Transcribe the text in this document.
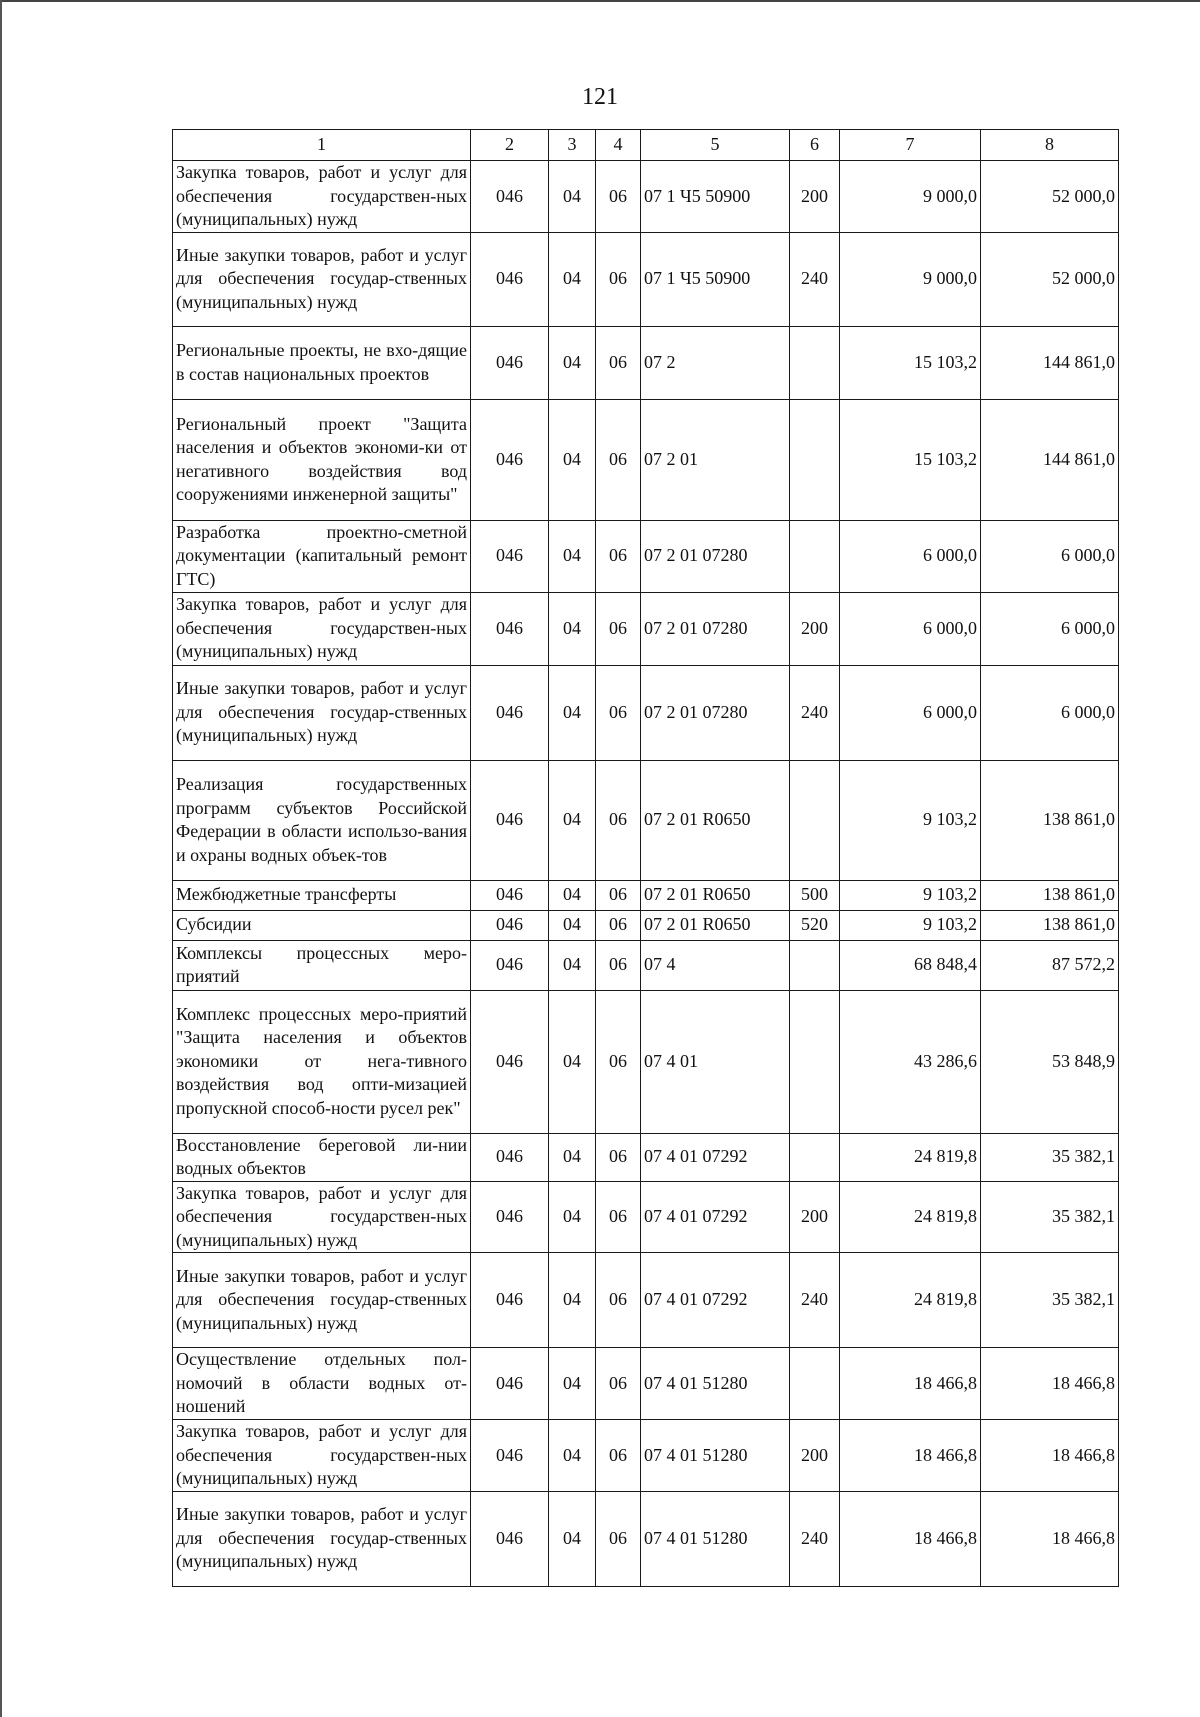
121
1	2	3	4	5	6	7	8
Закупка товаров, работ и услуг для обеспечения государствен-ных (муниципальных) нужд	046	04	06	07 1 Ч5 50900	200	9 000,0	52 000,0
Иные закупки товаров, работ и услуг для обеспечения государ-ственных (муниципальных) нужд	046	04	06	07 1 Ч5 50900	240	9 000,0	52 000,0
Региональные проекты, не вхо-дящие в состав национальных проектов	046	04	06	07 2		15 103,2	144 861,0
Региональный проект "Защита населения и объектов экономи-ки от негативного воздействия вод сооружениями инженерной защиты"	046	04	06	07 2 01		15 103,2	144 861,0
Разработка проектно-сметной документации (капитальный ремонт ГТС)	046	04	06	07 2 01 07280		6 000,0	6 000,0
Закупка товаров, работ и услуг для обеспечения государствен-ных (муниципальных) нужд	046	04	06	07 2 01 07280	200	6 000,0	6 000,0
Иные закупки товаров, работ и услуг для обеспечения государ-ственных (муниципальных) нужд	046	04	06	07 2 01 07280	240	6 000,0	6 000,0
Реализация государственных программ субъектов Российской Федерации в области использо-вания и охраны водных объек-тов	046	04	06	07 2 01 R0650		9 103,2	138 861,0
Межбюджетные трансферты	046	04	06	07 2 01 R0650	500	9 103,2	138 861,0
Субсидии	046	04	06	07 2 01 R0650	520	9 103,2	138 861,0
Комплексы процессных меро-приятий	046	04	06	07 4		68 848,4	87 572,2
Комплекс процессных меро-приятий "Защита населения и объектов экономики от нега-тивного воздействия вод опти-мизацией пропускной способ-ности русел рек"	046	04	06	07 4 01		43 286,6	53 848,9
Восстановление береговой ли-нии водных объектов	046	04	06	07 4 01 07292		24 819,8	35 382,1
Закупка товаров, работ и услуг для обеспечения государствен-ных (муниципальных) нужд	046	04	06	07 4 01 07292	200	24 819,8	35 382,1
Иные закупки товаров, работ и услуг для обеспечения государ-ственных (муниципальных) нужд	046	04	06	07 4 01 07292	240	24 819,8	35 382,1
Осуществление отдельных пол-номочий в области водных от-ношений	046	04	06	07 4 01 51280		18 466,8	18 466,8
Закупка товаров, работ и услуг для обеспечения государствен-ных (муниципальных) нужд	046	04	06	07 4 01 51280	200	18 466,8	18 466,8
Иные закупки товаров, работ и услуг для обеспечения государ-ственных (муниципальных) нужд	046	04	06	07 4 01 51280	240	18 466,8	18 466,8
